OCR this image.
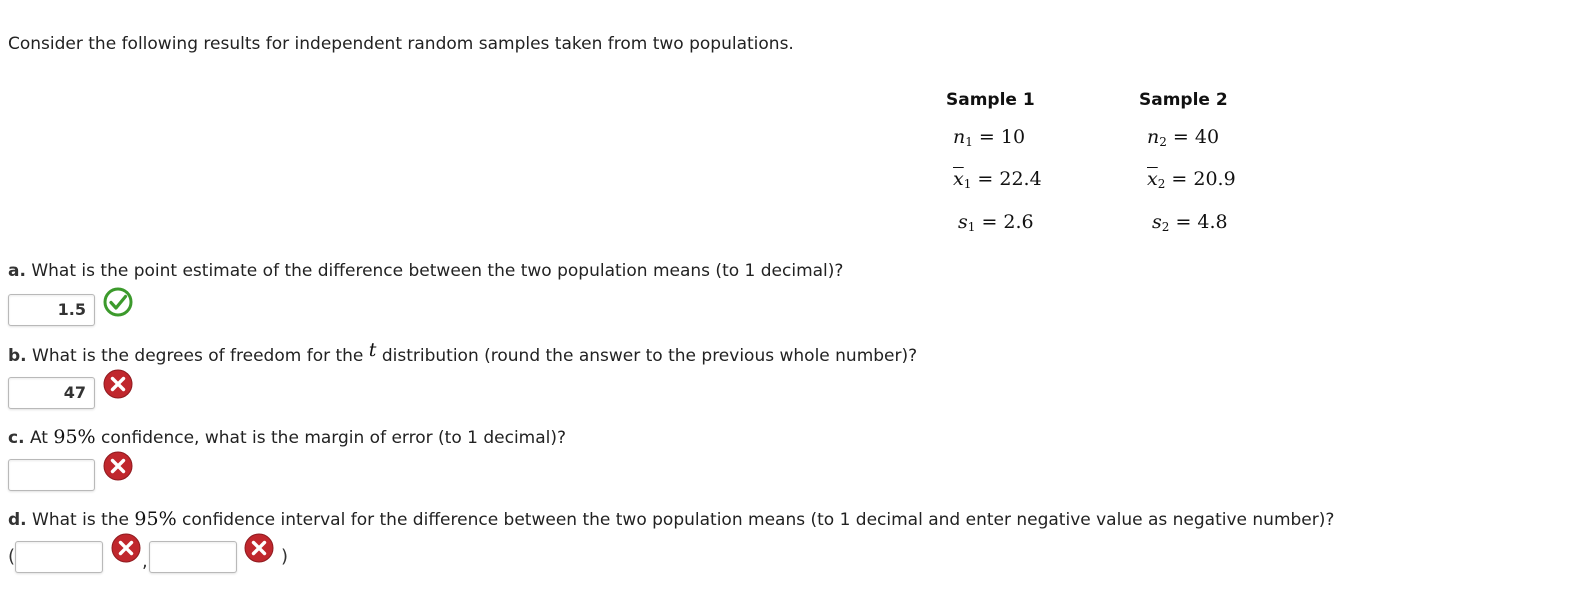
Consider the following results for independent random samples taken from two populations.
Sample 1	Sample 2
$n_1 = 10$	$n_2 = 40$
$\overline{x}_1 = 22.4$	$\overline{x}_2 = 20.9$
$s_1 = 2.6$	$s_2 = 4.8$
a. What is the point estimate of the difference between the two population means (to 1 decimal)?
1.5
b. What is the degrees of freedom for the t distribution (round the answer to the previous whole number)?
47
c. At 95% confidence, what is the margin of error (to 1 decimal)?
d. What is the 95% confidence interval for the difference between the two population means (to 1 decimal and enter negative value as negative number)?
(	,	)
